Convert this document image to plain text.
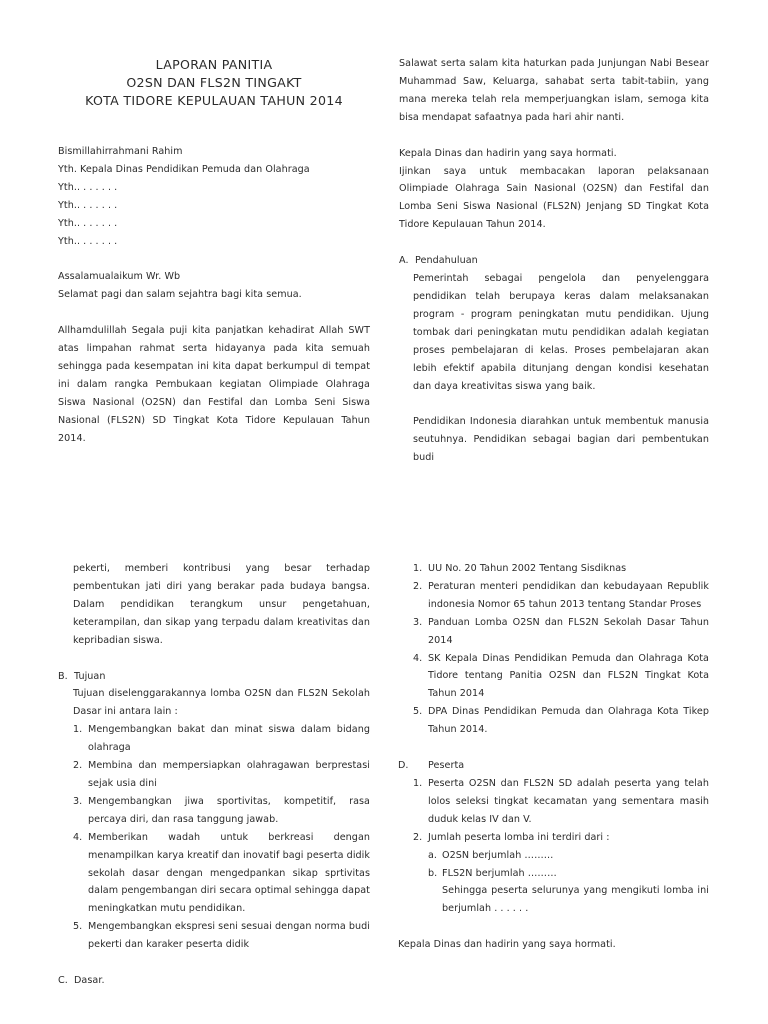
LAPORAN PANITIA
O2SN DAN FLS2N TINGAKT
KOTA TIDORE KEPULAUAN TAHUN 2014

Bismillahirrahmani Rahim

Yth. Kepala Dinas Pendidikan Pemuda dan Olahraga

Yth.. . . . . . .

Yth.. . . . . . .

Yth.. . . . . . .

Yth.. . . . . . .

Assalamualaikum Wr. Wb

Selamat pagi dan salam sejahtra bagi kita semua.

Allhamdulillah Segala puji kita panjatkan kehadirat Allah SWT atas limpahan rahmat serta hidayanya pada kita semuah sehingga pada kesempatan ini kita dapat berkumpul di tempat ini dalam rangka Pembukaan kegiatan Olimpiade Olahraga Siswa Nasional (O2SN) dan Festifal dan Lomba Seni Siswa Nasional (FLS2N) SD Tingkat Kota Tidore Kepulauan Tahun 2014.

Salawat serta salam kita haturkan pada Junjungan Nabi Besear Muhammad Saw, Keluarga, sahabat serta tabit-tabiin, yang mana mereka telah rela memperjuangkan islam, semoga kita bisa mendapat safaatnya pada hari ahir nanti.

Kepala Dinas dan hadirin yang saya hormati.

Ijinkan saya untuk membacakan laporan pelaksanaan Olimpiade Olahraga Sain Nasional (O2SN) dan Festifal dan Lomba Seni Siswa Nasional (FLS2N) Jenjang SD Tingkat Kota Tidore Kepulauan Tahun 2014.

A. Pendahuluan

Pemerintah sebagai pengelola dan penyelenggara pendidikan telah berupaya keras dalam melaksanakan program - program peningkatan mutu pendidikan. Ujung tombak dari peningkatan mutu pendidikan adalah kegiatan proses pembelajaran di kelas. Proses pembelajaran akan lebih efektif apabila ditunjang dengan kondisi kesehatan dan daya kreativitas siswa yang baik.

Pendidikan Indonesia diarahkan untuk membentuk manusia seutuhnya. Pendidikan sebagai bagian dari pembentukan budi

pekerti, memberi kontribusi yang besar terhadap pembentukan jati diri yang berakar pada budaya bangsa. Dalam pendidikan terangkum unsur pengetahuan, keterampilan, dan sikap yang terpadu dalam kreativitas dan kepribadian siswa.

B. Tujuan

Tujuan diselenggarakannya lomba O2SN dan FLS2N Sekolah Dasar ini antara lain :

1. Mengembangkan bakat dan minat siswa dalam bidang olahraga
2. Membina dan mempersiapkan olahragawan berprestasi sejak usia dini
3. Mengembangkan jiwa sportivitas, kompetitif, rasa percaya diri, dan rasa tanggung jawab.
4. Memberikan wadah untuk berkreasi dengan menampilkan karya kreatif dan inovatif bagi peserta didik sekolah dasar dengan mengedpankan sikap sprtivitas dalam pengembangan diri secara optimal sehingga dapat meningkatkan mutu pendidikan.
5. Mengembangkan ekspresi seni sesuai dengan norma budi pekerti dan karaker peserta didik
C. Dasar.

1. UU No. 20 Tahun 2002 Tentang Sisdiknas
2. Peraturan menteri pendidikan dan kebudayaan Republik indonesia Nomor 65 tahun 2013 tentang Standar Proses
3. Panduan Lomba O2SN dan FLS2N Sekolah Dasar Tahun 2014
4. SK Kepala Dinas Pendidikan Pemuda dan Olahraga Kota Tidore tentang Panitia O2SN dan FLS2N Tingkat Kota Tahun 2014
5. DPA Dinas Pendidikan Pemuda dan Olahraga Kota Tikep Tahun 2014.
D.	Peserta

1. Peserta O2SN dan FLS2N SD adalah peserta yang telah lolos seleksi tingkat kecamatan yang sementara masih duduk kelas IV dan V.
2. Jumlah peserta lomba ini terdiri dari :
a. O2SN berjumlah ………
b. FLS2N berjumlah ………

Sehingga peserta selurunya yang mengikuti lomba ini berjumlah . . . . . .

Kepala Dinas dan hadirin yang saya hormati.
